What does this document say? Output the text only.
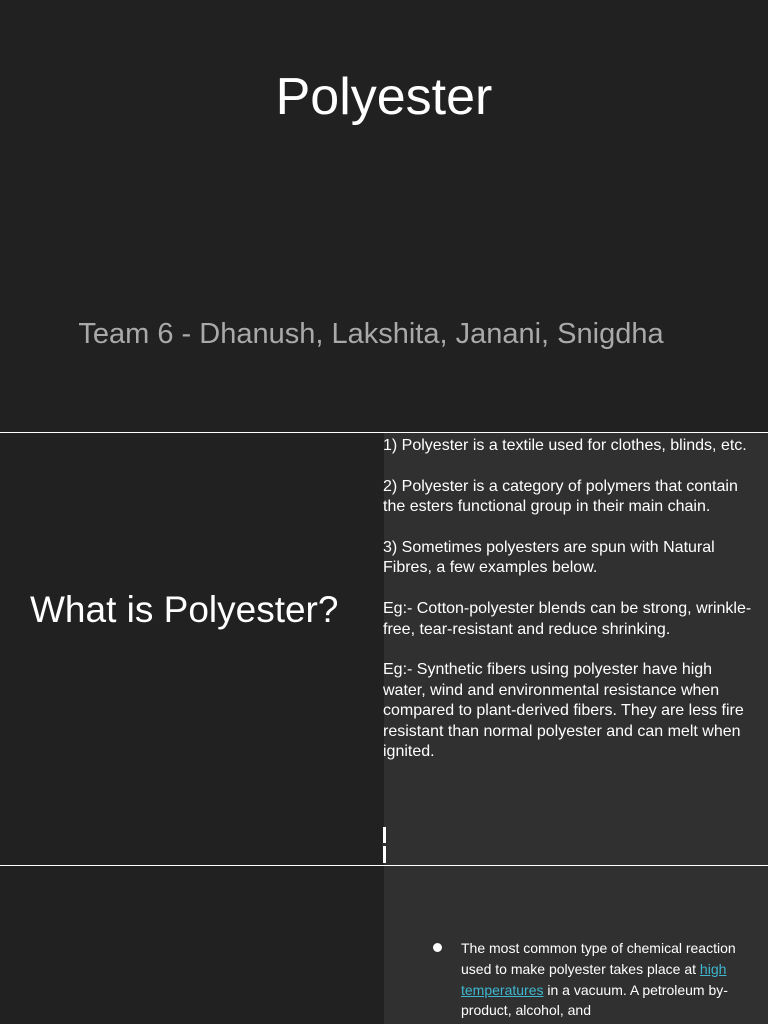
Polyester
Team 6 - Dhanush, Lakshita, Janani, Snigdha
What is Polyester?

1) Polyester is a textile used for clothes, blinds, etc.

2) Polyester is a category of polymers that contain the esters functional group in their main chain.

3) Sometimes polyesters are spun with Natural Fibres, a few examples below.

Eg:- Cotton-polyester blends can be strong, wrinkle-free, tear-resistant and reduce shrinking.

Eg:- Synthetic fibers using polyester have high water, wind and environmental resistance when compared to plant-derived fibers. They are less fire resistant than normal polyester and can melt when ignited.

The most common type of chemical reaction used to make polyester takes place at high temperatures in a vacuum. A petroleum by-product, alcohol, and
